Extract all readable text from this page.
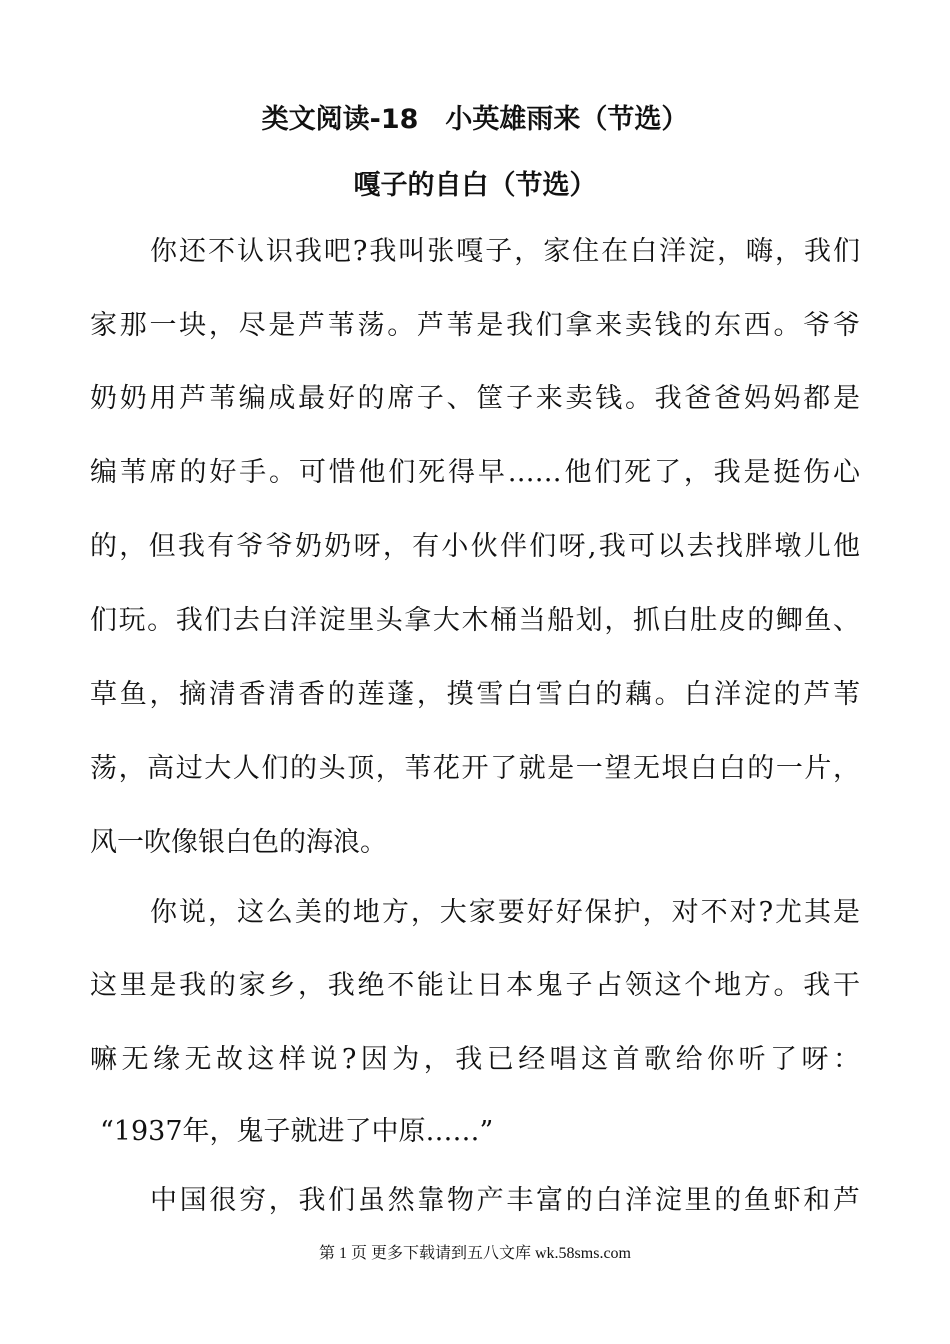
类文阅读-18　小英雄雨来（节选）
嘎子的自白（节选）
你还不认识我吧?我叫张嘎子，家住在白洋淀，嗨，我们
家那一块，尽是芦苇荡。芦苇是我们拿来卖钱的东西。爷爷
奶奶用芦苇编成最好的席子、筐子来卖钱。我爸爸妈妈都是
编苇席的好手。可惜他们死得早……他们死了，我是挺伤心
的，但我有爷爷奶奶呀，有小伙伴们呀,我可以去找胖墩儿他
们玩。我们去白洋淀里头拿大木桶当船划，抓白肚皮的鲫鱼、
草鱼，摘清香清香的莲蓬，摸雪白雪白的藕。白洋淀的芦苇
荡，高过大人们的头顶，苇花开了就是一望无垠白白的一片，
风一吹像银白色的海浪。
你说，这么美的地方，大家要好好保护，对不对?尤其是
这里是我的家乡，我绝不能让日本鬼子占领这个地方。我干
嘛无缘无故这样说?因为，我已经唱这首歌给你听了呀：
“1937年，鬼子就进了中原……”
中国很穷，我们虽然靠物产丰富的白洋淀里的鱼虾和芦
第 1 页 更多下载请到五八文库 wk.58sms.com
